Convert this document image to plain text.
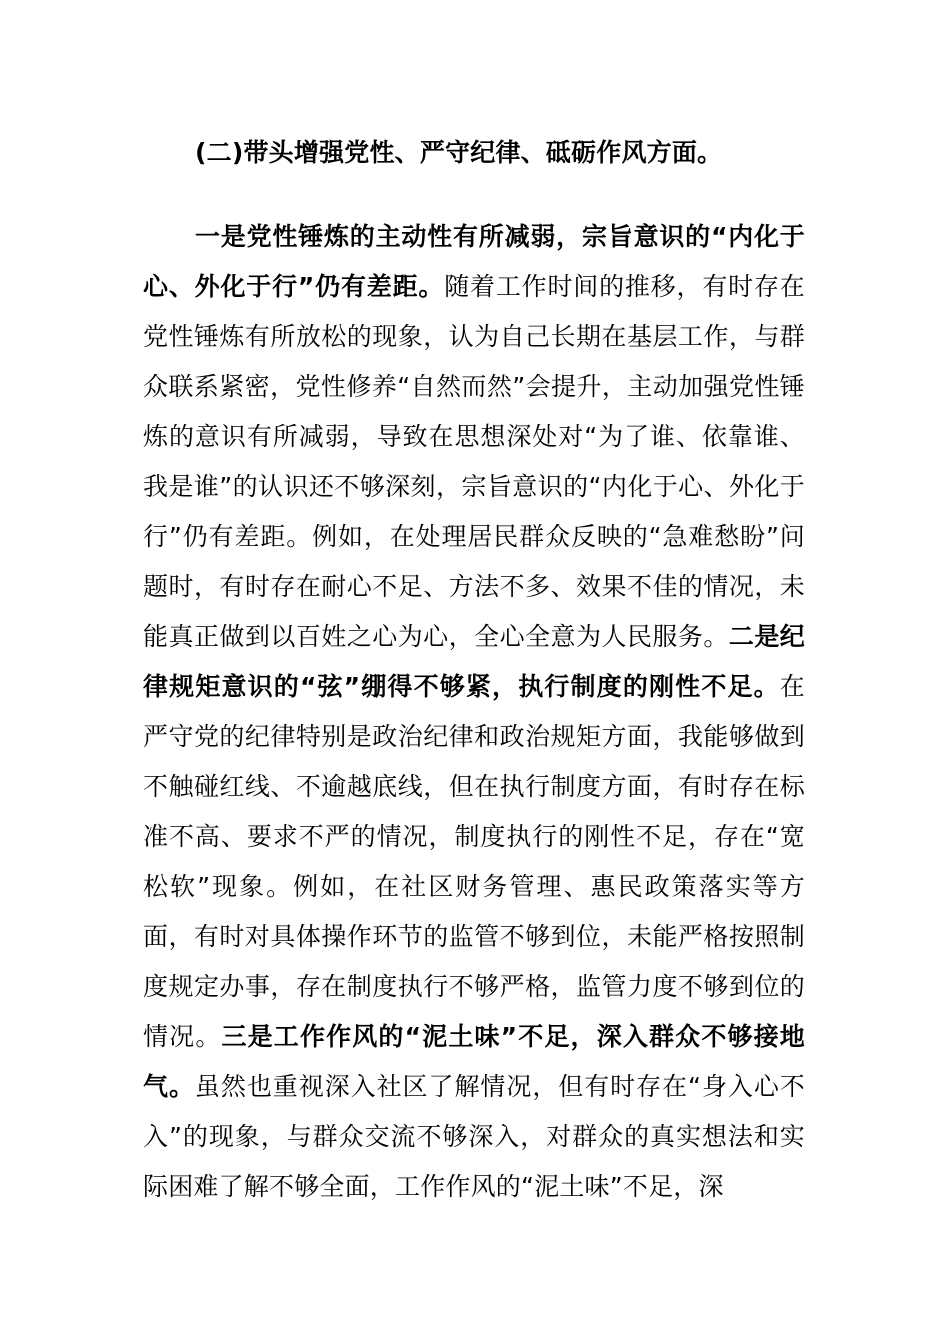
(二)带头增强党性、严守纪律、砥砺作风方面。
一是党性锤炼的主动性有所减弱，宗旨意识的“内化于心、外化于行”仍有差距。随着工作时间的推移，有时存在党性锤炼有所放松的现象，认为自己长期在基层工作，与群众联系紧密，党性修养“自然而然”会提升，主动加强党性锤炼的意识有所减弱，导致在思想深处对“为了谁、依靠谁、我是谁”的认识还不够深刻，宗旨意识的“内化于心、外化于行”仍有差距。例如，在处理居民群众反映的“急难愁盼”问题时，有时存在耐心不足、方法不多、效果不佳的情况，未能真正做到以百姓之心为心，全心全意为人民服务。二是纪律规矩意识的“弦”绷得不够紧，执行制度的刚性不足。在严守党的纪律特别是政治纪律和政治规矩方面，我能够做到不触碰红线、不逾越底线，但在执行制度方面，有时存在标准不高、要求不严的情况，制度执行的刚性不足，存在“宽松软”现象。例如，在社区财务管理、惠民政策落实等方面，有时对具体操作环节的监管不够到位，未能严格按照制度规定办事，存在制度执行不够严格，监管力度不够到位的情况。三是工作作风的“泥土味”不足，深入群众不够接地气。虽然也重视深入社区了解情况，但有时存在“身入心不入”的现象，与群众交流不够深入，对群众的真实想法和实际困难了解不够全面，工作作风的“泥土味”不足，深
